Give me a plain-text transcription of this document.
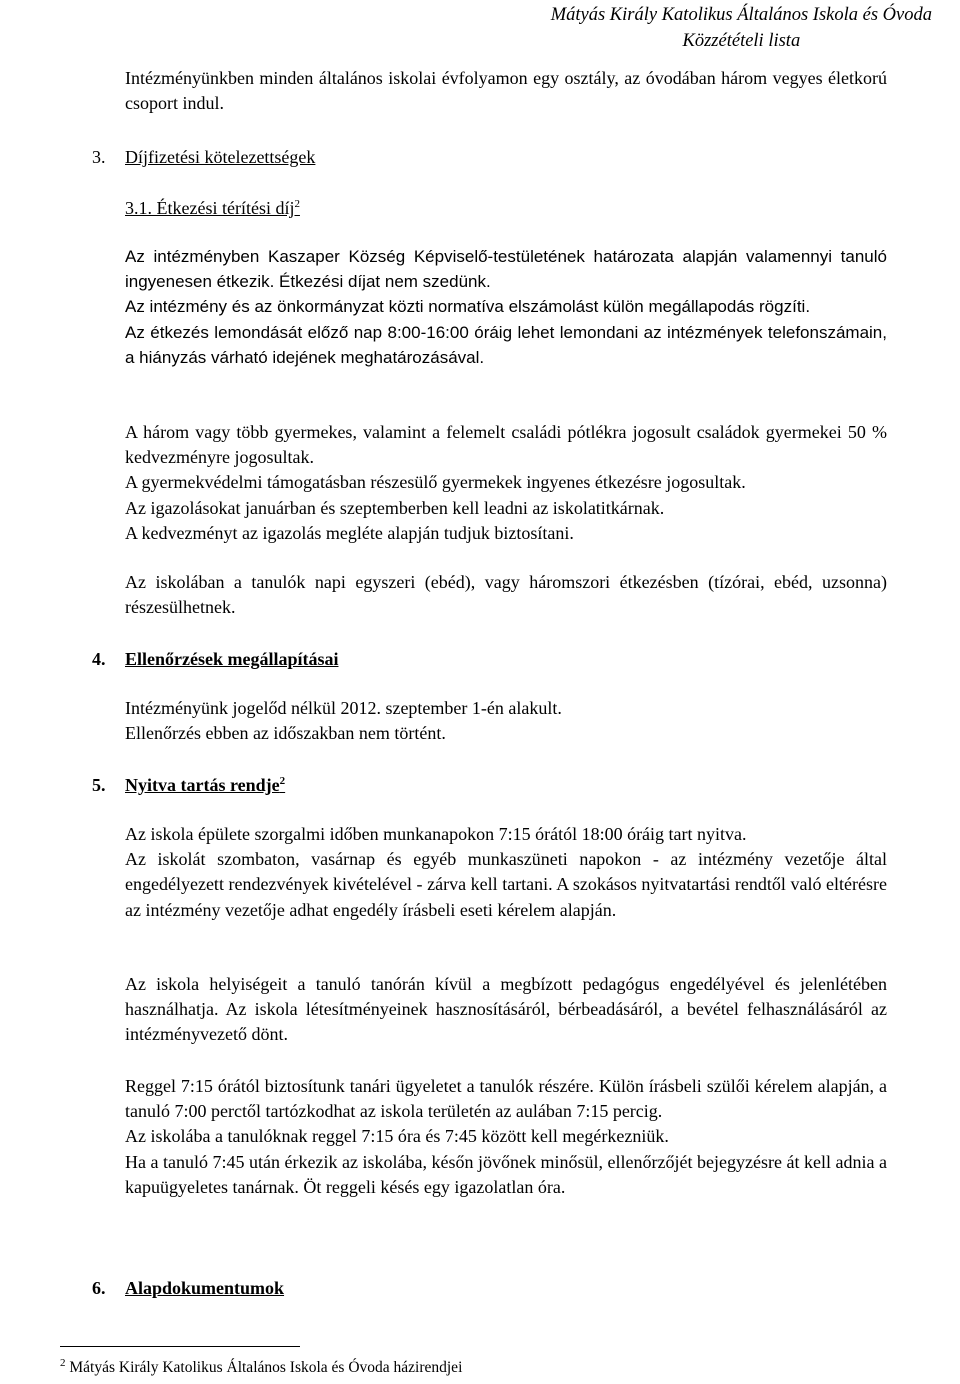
Mátyás Király Katolikus Általános Iskola és Óvoda
Közzétételi lista
Intézményünkben minden általános iskolai évfolyamon egy osztály, az óvodában három vegyes életkorú csoport indul.
3. Díjfizetési kötelezettségek
3.1. Étkezési térítési díj$^2$
Az intézményben Kaszaper Község Képviselő-testületének határozata alapján valamennyi tanuló ingyenesen étkezik. Étkezési díjat nem szedünk.
Az intézmény és az önkormányzat közti normatíva elszámolást külön megállapodás rögzíti.
Az étkezés lemondását előző nap 8:00-16:00 óráig lehet lemondani az intézmények telefonszámain, a hiányzás várható idejének meghatározásával.
A három vagy több gyermekes, valamint a felemelt családi pótlékra jogosult családok gyermekei 50 % kedvezményre jogosultak.
A gyermekvédelmi támogatásban részesülő gyermekek ingyenes étkezésre jogosultak.
Az igazolásokat januárban és szeptemberben kell leadni az iskolatitkárnak.
A kedvezményt az igazolás megléte alapján tudjuk biztosítani.
Az iskolában a tanulók napi egyszeri (ebéd), vagy háromszori étkezésben (tízórai, ebéd, uzsonna) részesülhetnek.
4. Ellenőrzések megállapításai
Intézményünk jogelőd nélkül 2012. szeptember 1-én alakult.
Ellenőrzés ebben az időszakban nem történt.
5. Nyitva tartás rendje$^2$
Az iskola épülete szorgalmi időben munkanapokon 7:15 órától 18:00 óráig tart nyitva.
Az iskolát szombaton, vasárnap és egyéb munkaszüneti napokon - az intézmény vezetője által engedélyezett rendezvények kivételével - zárva kell tartani. A szokásos nyitvatartási rendtől való eltérésre az intézmény vezetője adhat engedély írásbeli eseti kérelem alapján.
Az iskola helyiségeit a tanuló tanórán kívül a megbízott pedagógus engedélyével és jelenlétében használhatja. Az iskola létesítményeinek hasznosításáról, bérbeadásáról, a bevétel felhasználásáról az intézményvezető dönt.
Reggel 7:15 órától biztosítunk tanári ügyeletet a tanulók részére. Külön írásbeli szülői kérelem alapján, a tanuló 7:00 perctől tartózkodhat az iskola területén az aulában 7:15 percig.
Az iskolába a tanulóknak reggel 7:15 óra és 7:45 között kell megérkezniük.
Ha a tanuló 7:45 után érkezik az iskolába, későn jövőnek minősül, ellenőrzőjét bejegyzésre át kell adnia a kapuügyeletes tanárnak. Öt reggeli késés egy igazolatlan óra.
6. Alapdokumentumok
$^2$ Mátyás Király Katolikus Általános Iskola és Óvoda házirendjei
